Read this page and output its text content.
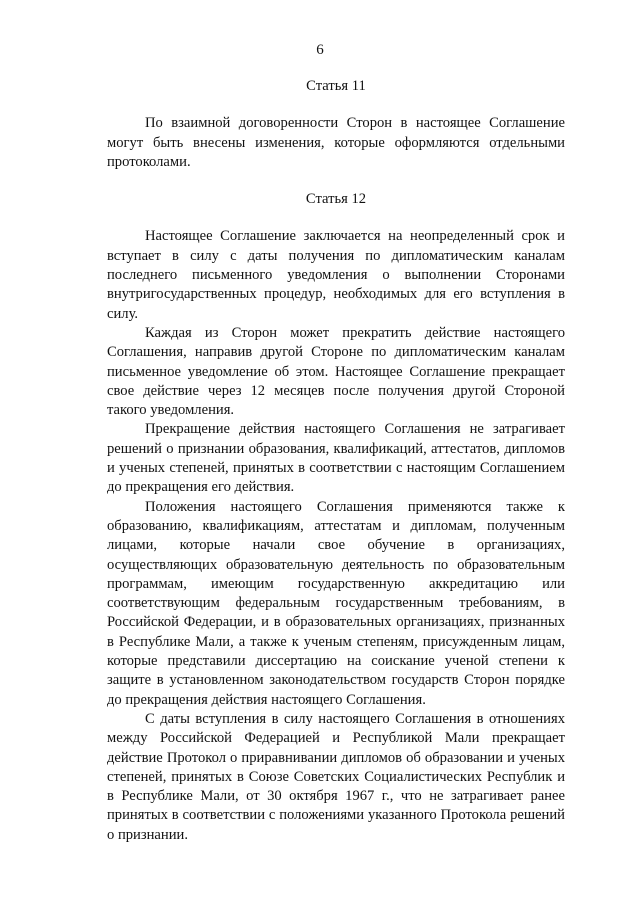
6

Статья 11

По взаимной договоренности Сторон в настоящее Соглашение могут быть внесены изменения, которые оформляются отдельными протоколами.

Статья 12

Настоящее Соглашение заключается на неопределенный срок и вступает в силу с даты получения по дипломатическим каналам последнего письменного уведомления о выполнении Сторонами внутригосударственных процедур, необходимых для его вступления в силу.

Каждая из Сторон может прекратить действие настоящего Соглашения, направив другой Стороне по дипломатическим каналам письменное уведомление об этом. Настоящее Соглашение прекращает свое действие через 12 месяцев после получения другой Стороной такого уведомления.

Прекращение действия настоящего Соглашения не затрагивает решений о признании образования, квалификаций, аттестатов, дипломов и ученых степеней, принятых в соответствии с настоящим Соглашением до прекращения его действия.

Положения настоящего Соглашения применяются также к образованию, квалификациям, аттестатам и дипломам, полученным лицами, которые начали свое обучение в организациях, осуществляющих образовательную деятельность по образовательным программам, имеющим государственную аккредитацию или соответствующим федеральным государственным требованиям, в Российской Федерации, и в образовательных организациях, признанных в Республике Мали, а также к ученым степеням, присужденным лицам, которые представили диссертацию на соискание ученой степени к защите в установленном законодательством государств Сторон порядке до прекращения действия настоящего Соглашения.

С даты вступления в силу настоящего Соглашения в отношениях между Российской Федерацией и Республикой Мали прекращает действие Протокол о приравнивании дипломов об образовании и ученых степеней, принятых в Союзе Советских Социалистических Республик и в Республике Мали, от 30 октября 1967 г., что не затрагивает ранее принятых в соответствии с положениями указанного Протокола решений о признании.
